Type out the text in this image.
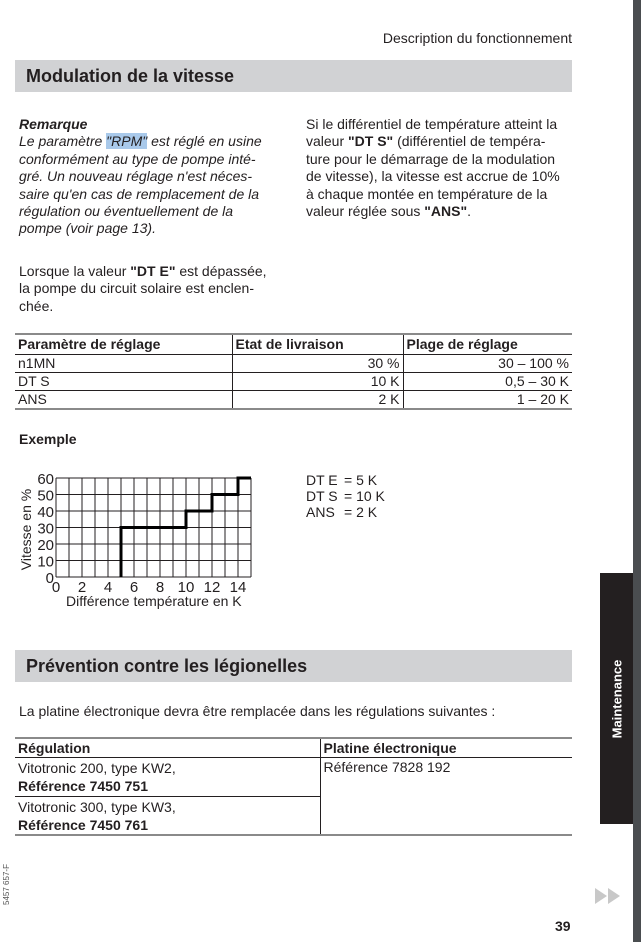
Description du fonctionnement
Modulation de la vitesse
Remarque
Le paramètre "RPM" est réglé en usine
conformément au type de pompe inté-
gré. Un nouveau réglage n'est néces-
saire qu'en cas de remplacement de la
régulation ou éventuellement de la
pompe (voir page 13).
Lorsque la valeur "DT E" est dépassée,
la pompe du circuit solaire est enclen-
chée.
Si le différentiel de température atteint la
valeur "DT S" (différentiel de tempéra-
ture pour le démarrage de la modulation
de vitesse), la vitesse est accrue de 10%
à chaque montée en température de la
valeur réglée sous "ANS".
Paramètre de réglage	Etat de livraison	Plage de réglage
n1MN	30 %	30 – 100 %
DT S	10 K	0,5 – 30 K
ANS	2 K	1 – 20 K
Exemple
0
10
20
30
40
50
60
0 2 4 6 8 10 12 14
Différence température en K
Vitesse en %
DT E = 5 K
DT S = 10 K
ANS = 2 K
Prévention contre les légionelles
La platine électronique devra être remplacée dans les régulations suivantes :
Régulation	Platine électronique

Vitotronic 200, type KW2,
Référence 7450 751	Référence 7828 192

Vitotronic 300, type KW3,
Référence 7450 761	
Maintenance
5457 657-F
39
